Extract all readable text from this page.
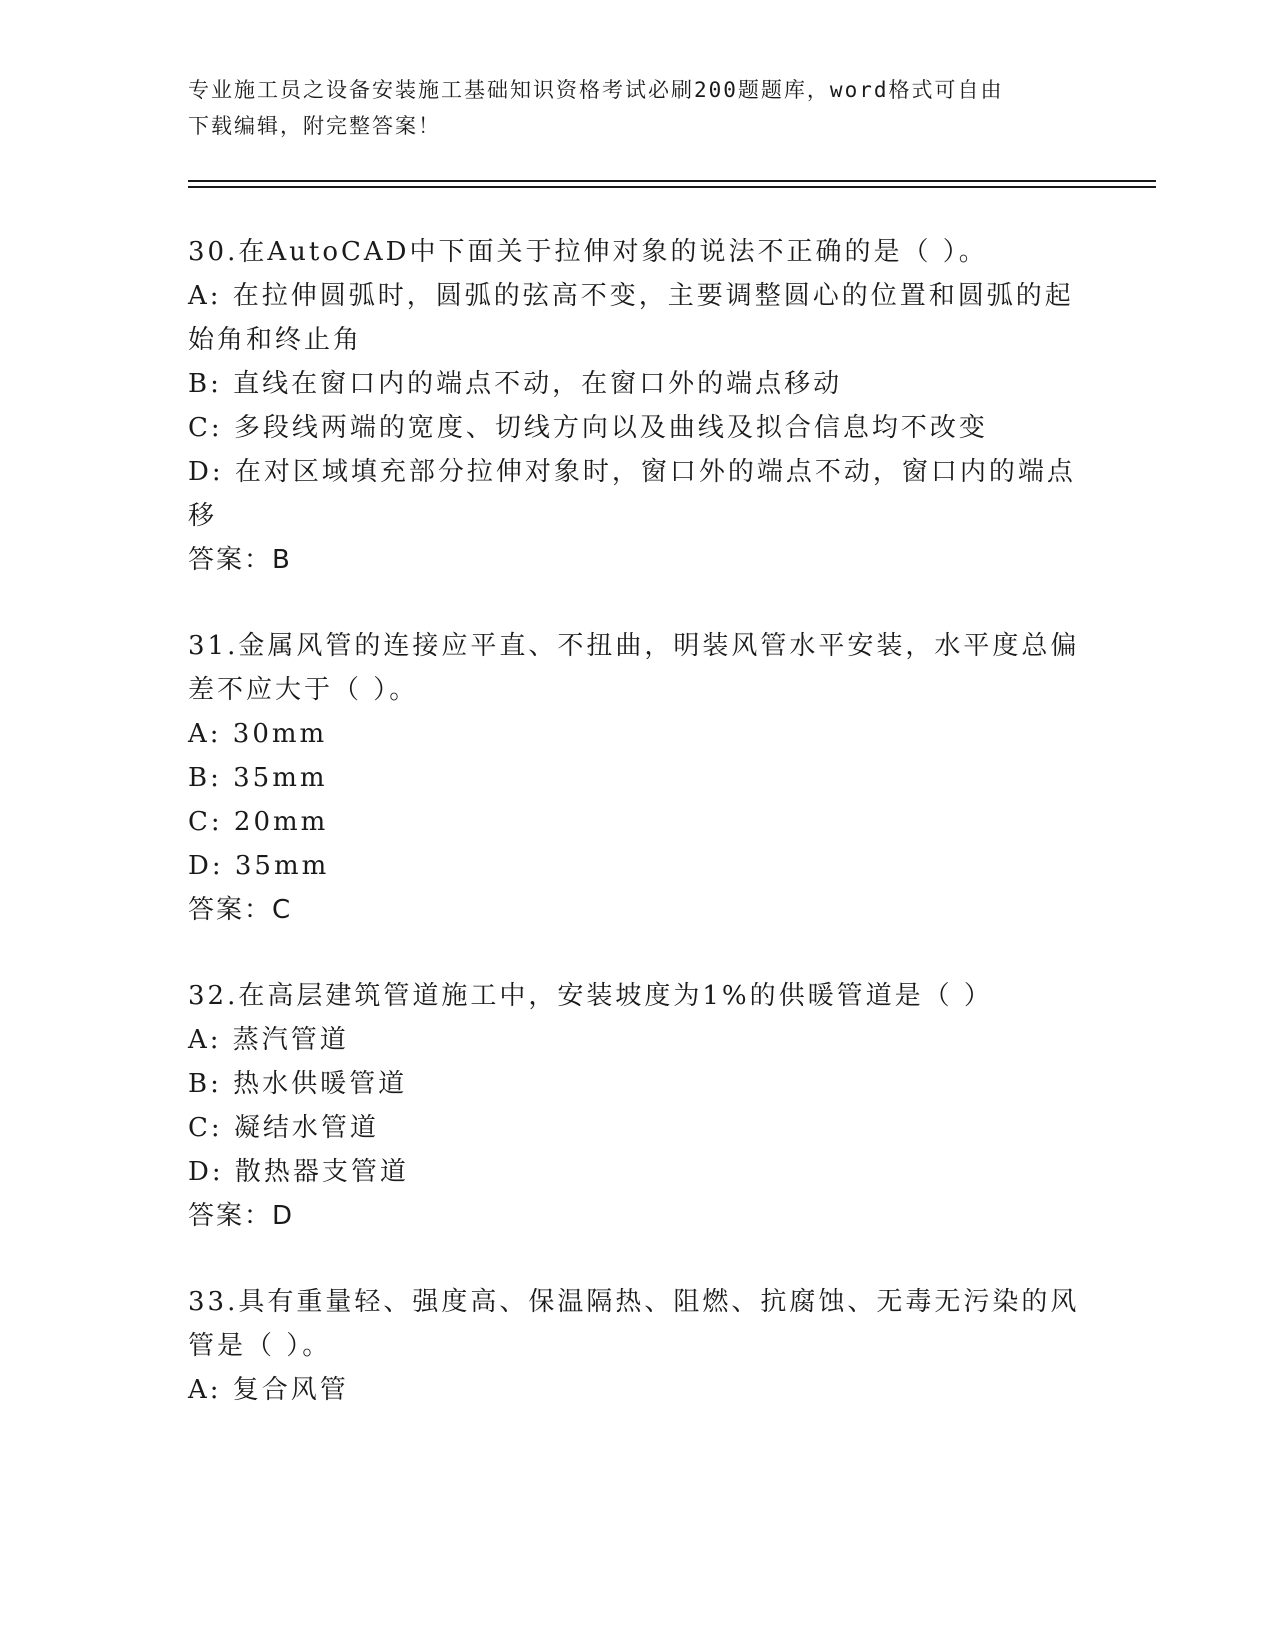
专业施工员之设备安装施工基础知识资格考试必刷200题题库，word格式可自由
下载编辑，附完整答案！
30.在AutoCAD中下面关于拉伸对象的说法不正确的是（ ）。
A: 在拉伸圆弧时，圆弧的弦高不变，主要调整圆心的位置和圆弧的起
始角和终止角
B: 直线在窗口内的端点不动，在窗口外的端点移动
C: 多段线两端的宽度、切线方向以及曲线及拟合信息均不改变
D: 在对区域填充部分拉伸对象时，窗口外的端点不动，窗口内的端点
移
答案：B
31.金属风管的连接应平直、不扭曲，明装风管水平安装，水平度总偏
差不应大于（ ）。
A: 30mm
B: 35mm
C: 20mm
D: 35mm
答案：C
32.在高层建筑管道施工中，安装坡度为1%的供暖管道是（ ）
A: 蒸汽管道
B: 热水供暖管道
C: 凝结水管道
D: 散热器支管道
答案：D
33.具有重量轻、强度高、保温隔热、阻燃、抗腐蚀、无毒无污染的风
管是（ ）。
A: 复合风管
